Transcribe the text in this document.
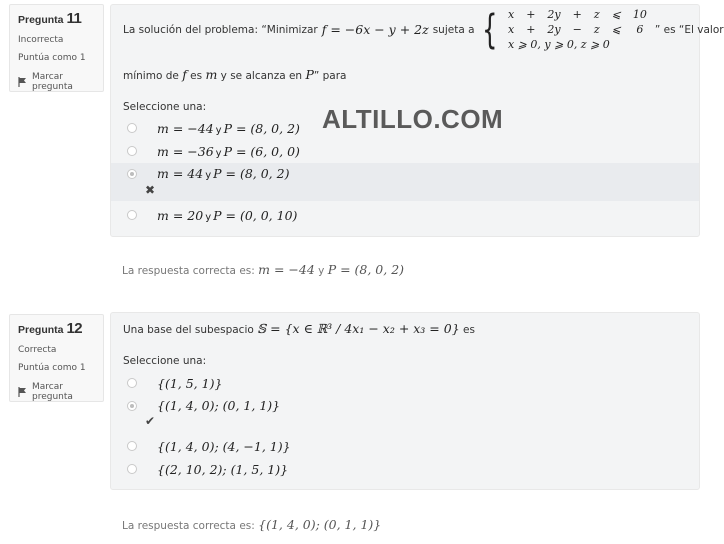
Pregunta 11
Incorrecta
Puntúa como 1
Marcar pregunta
La solución del problema: “Minimizar f = −6x − y + 2z sujeta a { x	+	2y	+	z	⩽	10
x	+	2y	−	z	⩽	6
x ⩾ 0, y ⩾ 0, z ⩾ 0						
” es “El valor
mínimo de f es m y se alcanza en P” para
Seleccione una:
m = −44 y P = (8, 0, 2)
m = −36 y P = (6, 0, 0)
m = 44 y P = (8, 0, 2)
✖
m = 20 y P = (0, 0, 10)
La respuesta correcta es: m = −44 y P = (8, 0, 2)
Pregunta 12
Correcta
Puntúa como 1
Marcar pregunta
Una base del subespacio 𝕊 = {x ∈ ℝ³ / 4x₁ − x₂ + x₃ = 0} es
Seleccione una:
{(1, 5, 1)}
{(1, 4, 0); (0, 1, 1)}
✔
{(1, 4, 0); (4, −1, 1)}
{(2, 10, 2); (1, 5, 1)}
La respuesta correcta es: {(1, 4, 0); (0, 1, 1)}
ALTILLO.COM
